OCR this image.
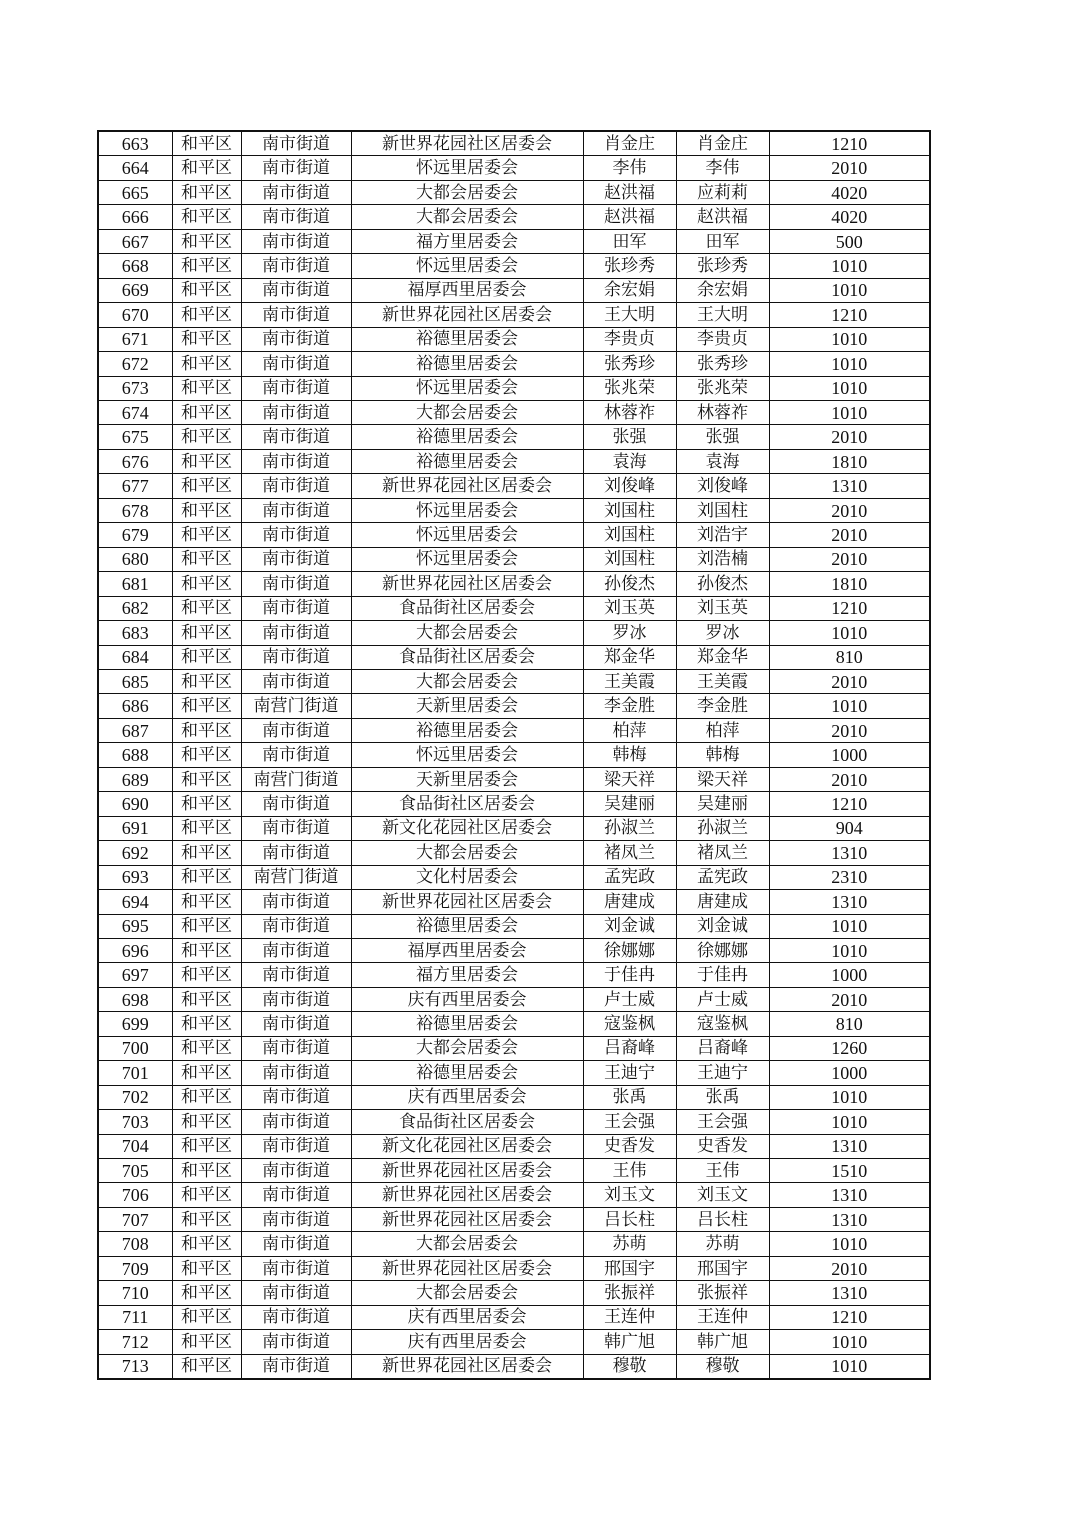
663	和平区	南市街道	新世界花园社区居委会	肖金庄	肖金庄	1210
664	和平区	南市街道	怀远里居委会	李伟	李伟	2010
665	和平区	南市街道	大都会居委会	赵洪福	应莉莉	4020
666	和平区	南市街道	大都会居委会	赵洪福	赵洪福	4020
667	和平区	南市街道	福方里居委会	田军	田军	500
668	和平区	南市街道	怀远里居委会	张珍秀	张珍秀	1010
669	和平区	南市街道	福厚西里居委会	余宏娟	余宏娟	1010
670	和平区	南市街道	新世界花园社区居委会	王大明	王大明	1210
671	和平区	南市街道	裕德里居委会	李贵贞	李贵贞	1010
672	和平区	南市街道	裕德里居委会	张秀珍	张秀珍	1010
673	和平区	南市街道	怀远里居委会	张兆荣	张兆荣	1010
674	和平区	南市街道	大都会居委会	林蓉祚	林蓉祚	1010
675	和平区	南市街道	裕德里居委会	张强	张强	2010
676	和平区	南市街道	裕德里居委会	袁海	袁海	1810
677	和平区	南市街道	新世界花园社区居委会	刘俊峰	刘俊峰	1310
678	和平区	南市街道	怀远里居委会	刘国柱	刘国柱	2010
679	和平区	南市街道	怀远里居委会	刘国柱	刘浩宇	2010
680	和平区	南市街道	怀远里居委会	刘国柱	刘浩楠	2010
681	和平区	南市街道	新世界花园社区居委会	孙俊杰	孙俊杰	1810
682	和平区	南市街道	食品街社区居委会	刘玉英	刘玉英	1210
683	和平区	南市街道	大都会居委会	罗冰	罗冰	1010
684	和平区	南市街道	食品街社区居委会	郑金华	郑金华	810
685	和平区	南市街道	大都会居委会	王美霞	王美霞	2010
686	和平区	南营门街道	天新里居委会	李金胜	李金胜	1010
687	和平区	南市街道	裕德里居委会	柏萍	柏萍	2010
688	和平区	南市街道	怀远里居委会	韩梅	韩梅	1000
689	和平区	南营门街道	天新里居委会	梁天祥	梁天祥	2010
690	和平区	南市街道	食品街社区居委会	吴建丽	吴建丽	1210
691	和平区	南市街道	新文化花园社区居委会	孙淑兰	孙淑兰	904
692	和平区	南市街道	大都会居委会	褚凤兰	褚凤兰	1310
693	和平区	南营门街道	文化村居委会	孟宪政	孟宪政	2310
694	和平区	南市街道	新世界花园社区居委会	唐建成	唐建成	1310
695	和平区	南市街道	裕德里居委会	刘金诚	刘金诚	1010
696	和平区	南市街道	福厚西里居委会	徐娜娜	徐娜娜	1010
697	和平区	南市街道	福方里居委会	于佳冉	于佳冉	1000
698	和平区	南市街道	庆有西里居委会	卢士威	卢士威	2010
699	和平区	南市街道	裕德里居委会	寇鉴枫	寇鉴枫	810
700	和平区	南市街道	大都会居委会	吕裔峰	吕裔峰	1260
701	和平区	南市街道	裕德里居委会	王迪宁	王迪宁	1000
702	和平区	南市街道	庆有西里居委会	张禹	张禹	1010
703	和平区	南市街道	食品街社区居委会	王会强	王会强	1010
704	和平区	南市街道	新文化花园社区居委会	史香发	史香发	1310
705	和平区	南市街道	新世界花园社区居委会	王伟	王伟	1510
706	和平区	南市街道	新世界花园社区居委会	刘玉文	刘玉文	1310
707	和平区	南市街道	新世界花园社区居委会	吕长柱	吕长柱	1310
708	和平区	南市街道	大都会居委会	苏萌	苏萌	1010
709	和平区	南市街道	新世界花园社区居委会	邢国宇	邢国宇	2010
710	和平区	南市街道	大都会居委会	张振祥	张振祥	1310
711	和平区	南市街道	庆有西里居委会	王连仲	王连仲	1210
712	和平区	南市街道	庆有西里居委会	韩广旭	韩广旭	1010
713	和平区	南市街道	新世界花园社区居委会	穆敬	穆敬	1010
